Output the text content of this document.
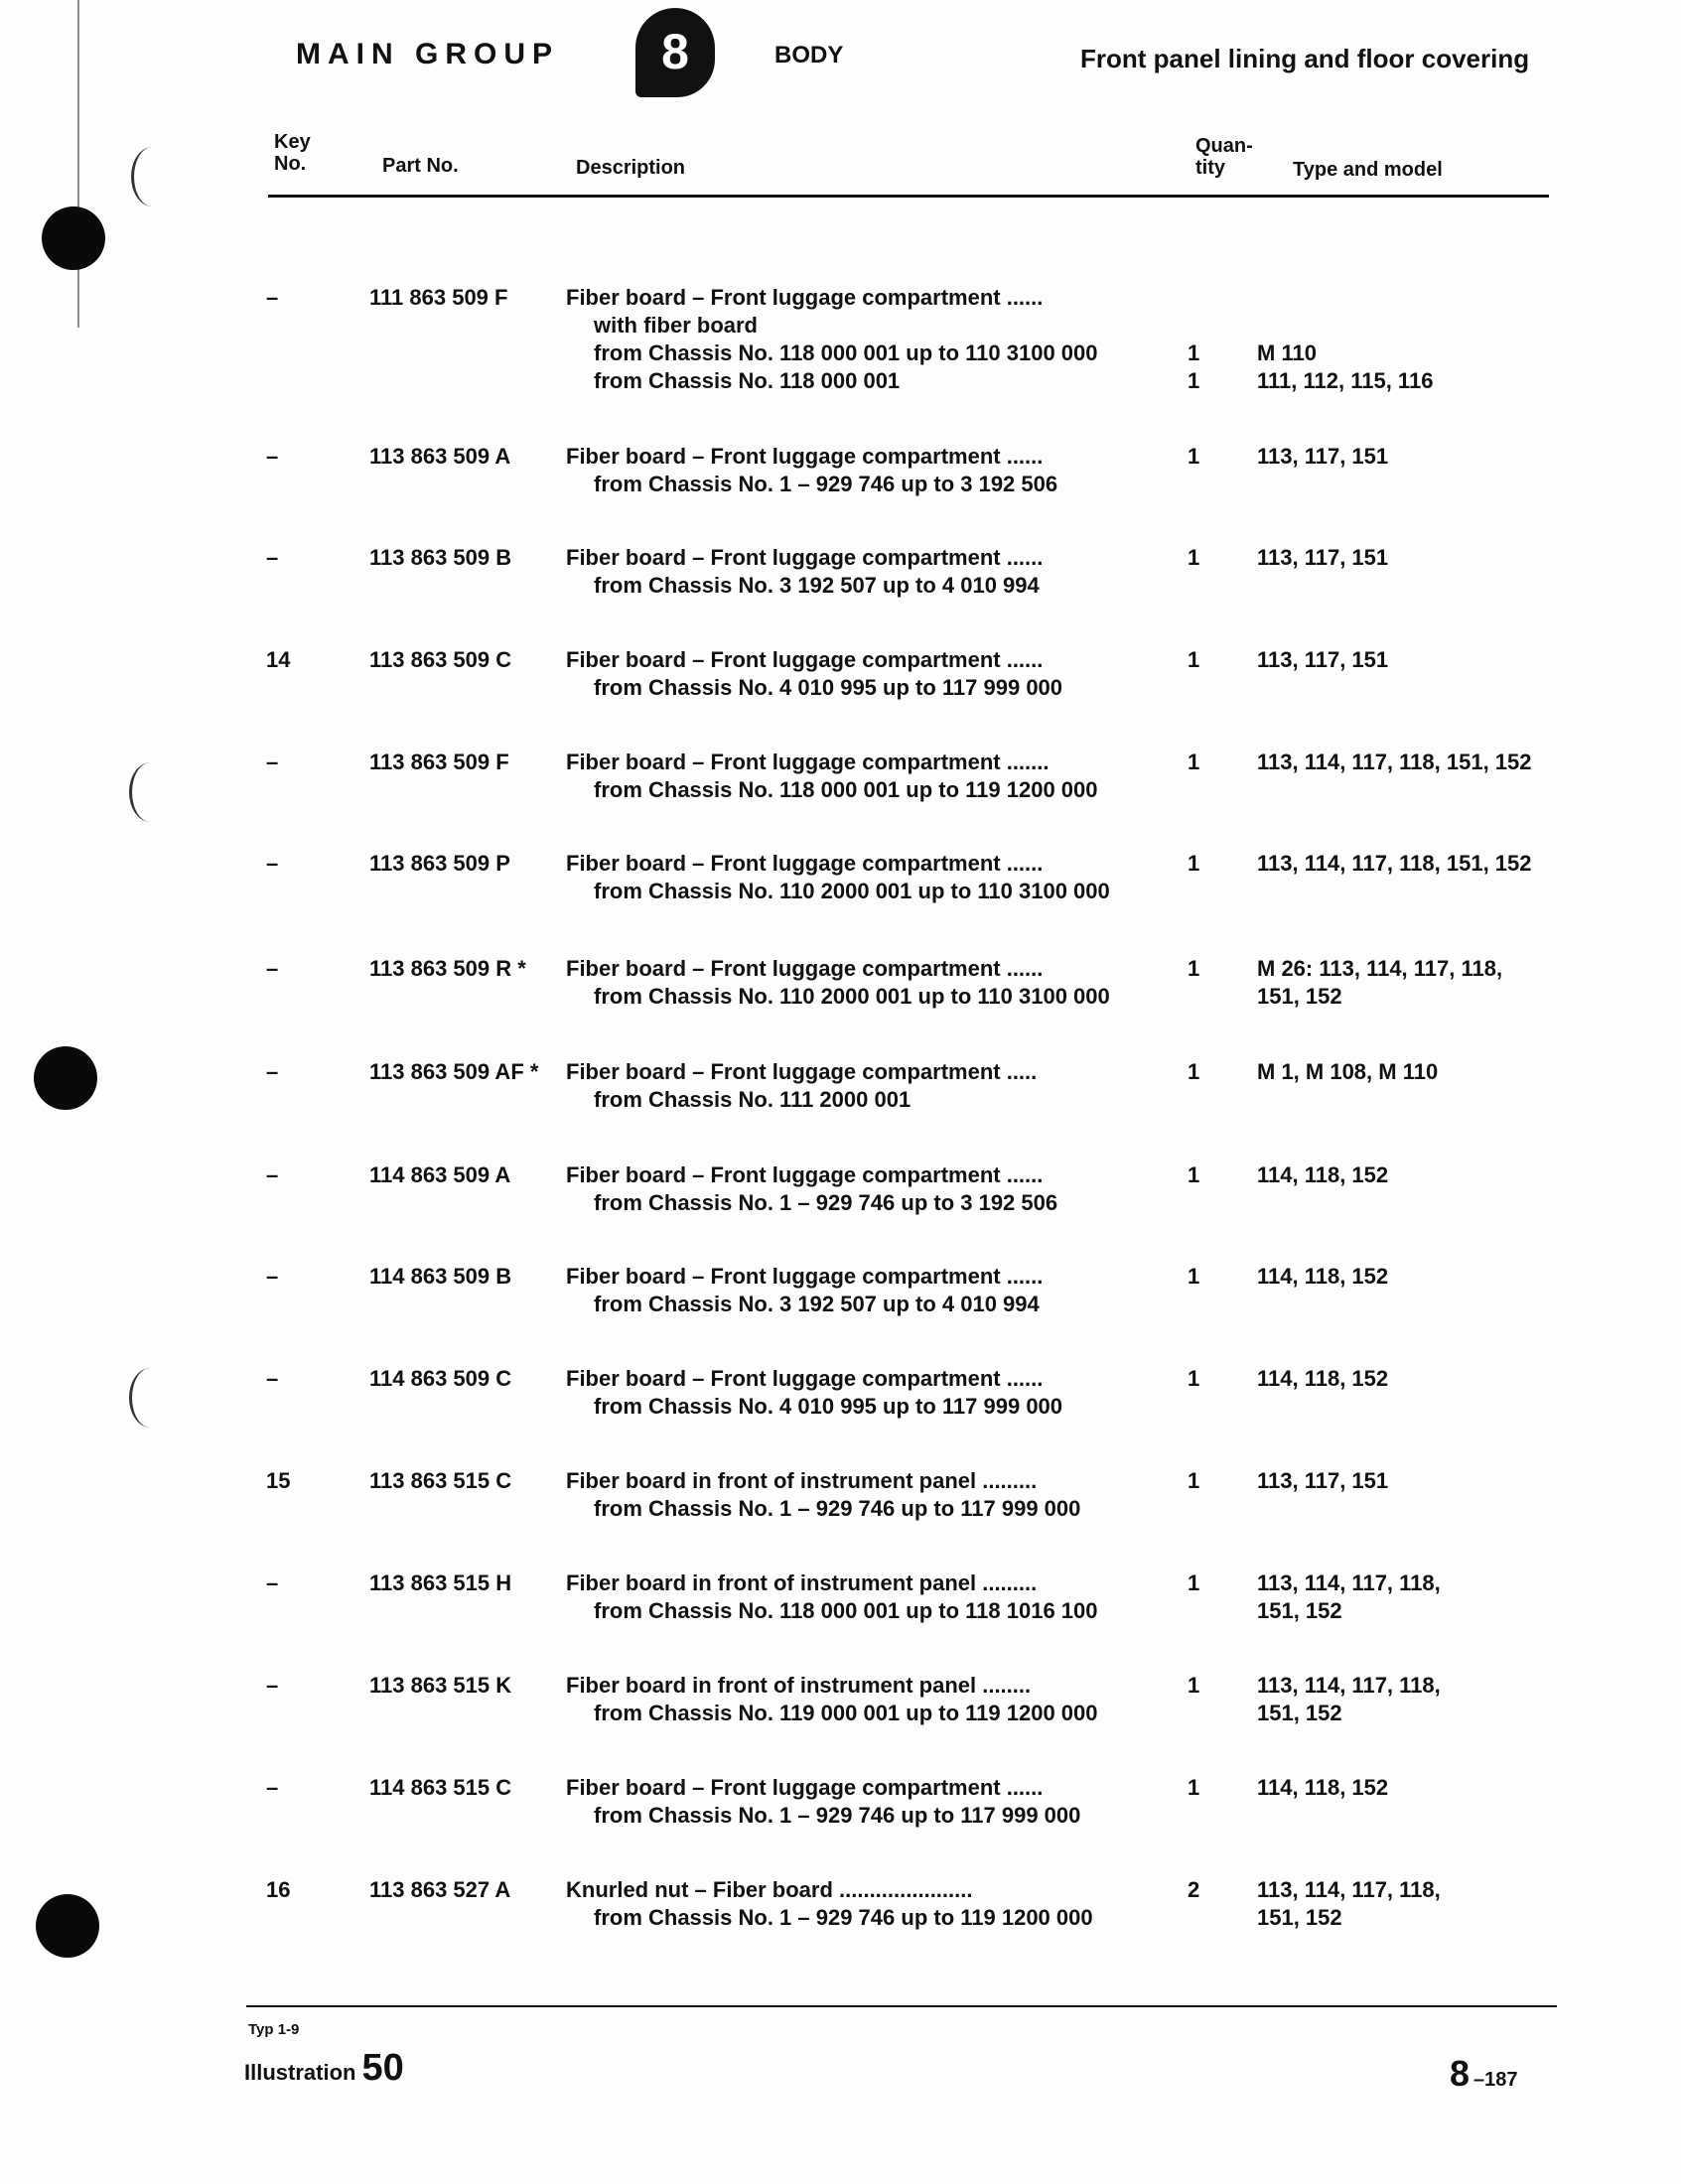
MAIN GROUP	8	BODY	Front panel lining and floor covering
Key
No.	Part No.	Description
Quan-
tity	Type and model
–	111 863 509 F	Fiber board – Front luggage compartment ......
with fiber board
from Chassis No. 118 000 001 up to 110 3100 000	1	M 110
from Chassis No. 118 000 001	1	111, 112, 115, 116
–	113 863 509 A	Fiber board – Front luggage compartment ......	1	113, 117, 151
from Chassis No. 1 – 929 746 up to 3 192 506
–	113 863 509 B Fiber board – Front luggage compartment ......	1	113, 117, 151
from Chassis No. 3 192 507 up to 4 010 994
14	113 863 509 C Fiber board – Front luggage compartment ......	1	113, 117, 151
from Chassis No. 4 010 995 up to 117 999 000
–	113 863 509 F	Fiber board – Front luggage compartment .......	1	113, 114, 117, 118, 151, 152
from Chassis No. 118 000 001 up to 119 1200 000
–	113 863 509 P	Fiber board – Front luggage compartment ......	1	113, 114, 117, 118, 151, 152
from Chassis No. 110 2000 001 up to 110 3100 000
–	113 863 509 R * Fiber board – Front luggage compartment ......	1	M 26: 113, 114, 117, 118,
from Chassis No. 110 2000 001 up to 110 3100 000	151, 152
–	113 863 509 AF * Fiber board – Front luggage compartment .....	1	M 1, M 108, M 110
from Chassis No. 111 2000 001
–	114 863 509 A	Fiber board – Front luggage compartment ......	1	114, 118, 152
from Chassis No. 1 – 929 746 up to 3 192 506
–	114 863 509 B Fiber board – Front luggage compartment ......	1	114, 118, 152
from Chassis No. 3 192 507 up to 4 010 994
–	114 863 509 C Fiber board – Front luggage compartment ......	1	114, 118, 152
from Chassis No. 4 010 995 up to 117 999 000
15	113 863 515 C Fiber board in front of instrument panel .........	1	113, 117, 151
from Chassis No. 1 – 929 746 up to 117 999 000
–	113 863 515 H Fiber board in front of instrument panel .........	1	113, 114, 117, 118,
from Chassis No. 118 000 001 up to 118 1016 100	151, 152
–	113 863 515 K Fiber board in front of instrument panel ........	1	113, 114, 117, 118,
from Chassis No. 119 000 001 up to 119 1200 000	151, 152
–	114 863 515 C Fiber board – Front luggage compartment ......	1	114, 118, 152
from Chassis No. 1 – 929 746 up to 117 999 000
16	113 863 527 A	Knurled nut – Fiber board ......................	2	113, 114, 117, 118,
from Chassis No. 1 – 929 746 up to 119 1200 000	151, 152
Typ 1-9
Illustration 50	8 –187
